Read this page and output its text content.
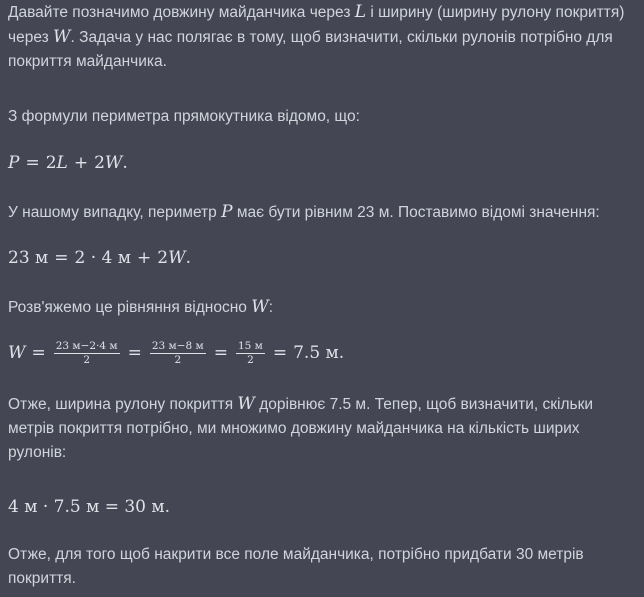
Давайте позначимо довжину майданчика через L і ширину (ширину рулону покриття) через W. Задача у нас полягає в тому, щоб визначити, скільки рулонів потрібно для покриття майданчика.

З формули периметра прямокутника відомо, що:

P = 2 L + 2 W .

У нашому випадку, периметр P має бути рівним 23 м. Поставимо відомі значення:

23 м = 2 · 4 м + 2 W .

Розв'яжемо це рівняння відносно W:

$W = \frac{23 м-2\cdot 4 м}{2} = \frac{23 м-8 м}{2} = \frac{15 м}{2} = 7.5$ м.

Отже, ширина рулону покриття W дорівнює 7.5 м. Тепер, щоб визначити, скільки метрів покриття потрібно, ми множимо довжину майданчика на кількість ширих рулонів:

4 м · 7.5 м = 30 м.

Отже, для того щоб накрити все поле майданчика, потрібно придбати 30 метрів покриття.
